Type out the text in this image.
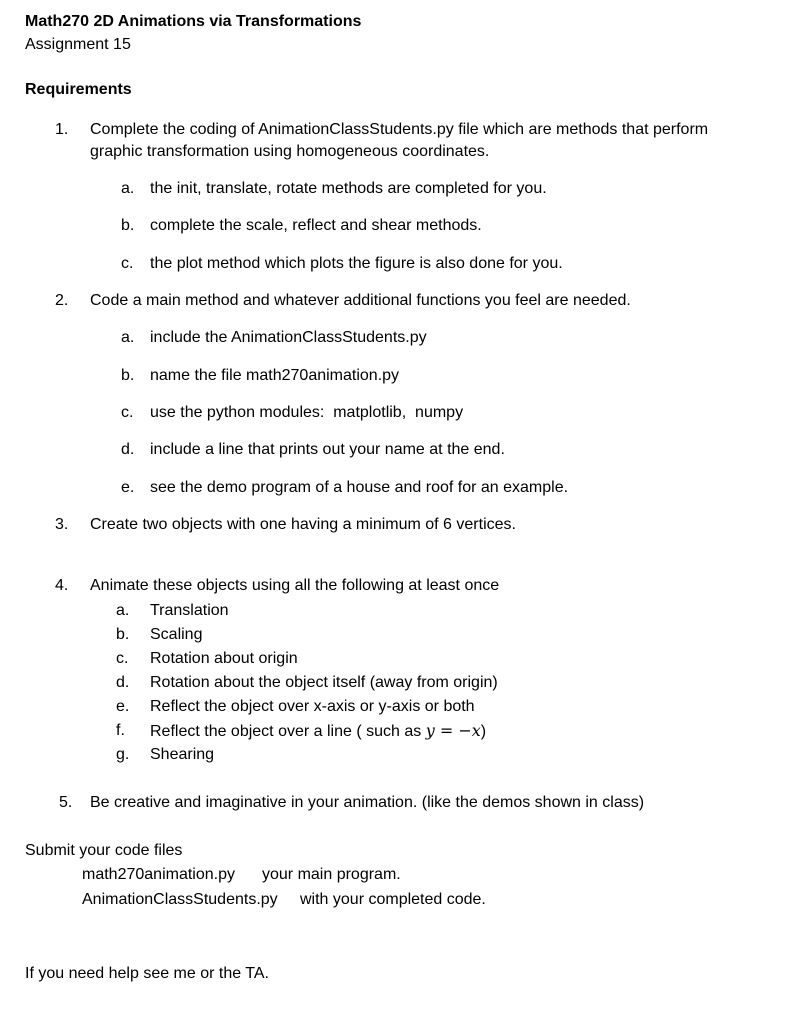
Math270 2D Animations via Transformations
Assignment 15
Requirements
1. Complete the coding of AnimationClassStudents.py file which are methods that perform
graphic transformation using homogeneous coordinates.
a. the init, translate, rotate methods are completed for you.
b. complete the scale, reflect and shear methods.
c. the plot method which plots the figure is also done for you.
2. Code a main method and whatever additional functions you feel are needed.
a. include the AnimationClassStudents.py
b. name the file math270animation.py
c. use the python modules:  matplotlib,  numpy
d. include a line that prints out your name at the end.
e. see the demo program of a house and roof for an example.
3. Create two objects with one having a minimum of 6 vertices.
4. Animate these objects using all the following at least once
a. Translation
b. Scaling
c. Rotation about origin
d. Rotation about the object itself (away from origin)
e. Reflect the object over x-axis or y-axis or both
f. Reflect the object over a line ( such as y = −x)
g. Shearing
5. Be creative and imaginative in your animation. (like the demos shown in class)
Submit your code files
math270animation.py your main program.
AnimationClassStudents.py with your completed code.
If you need help see me or the TA.
